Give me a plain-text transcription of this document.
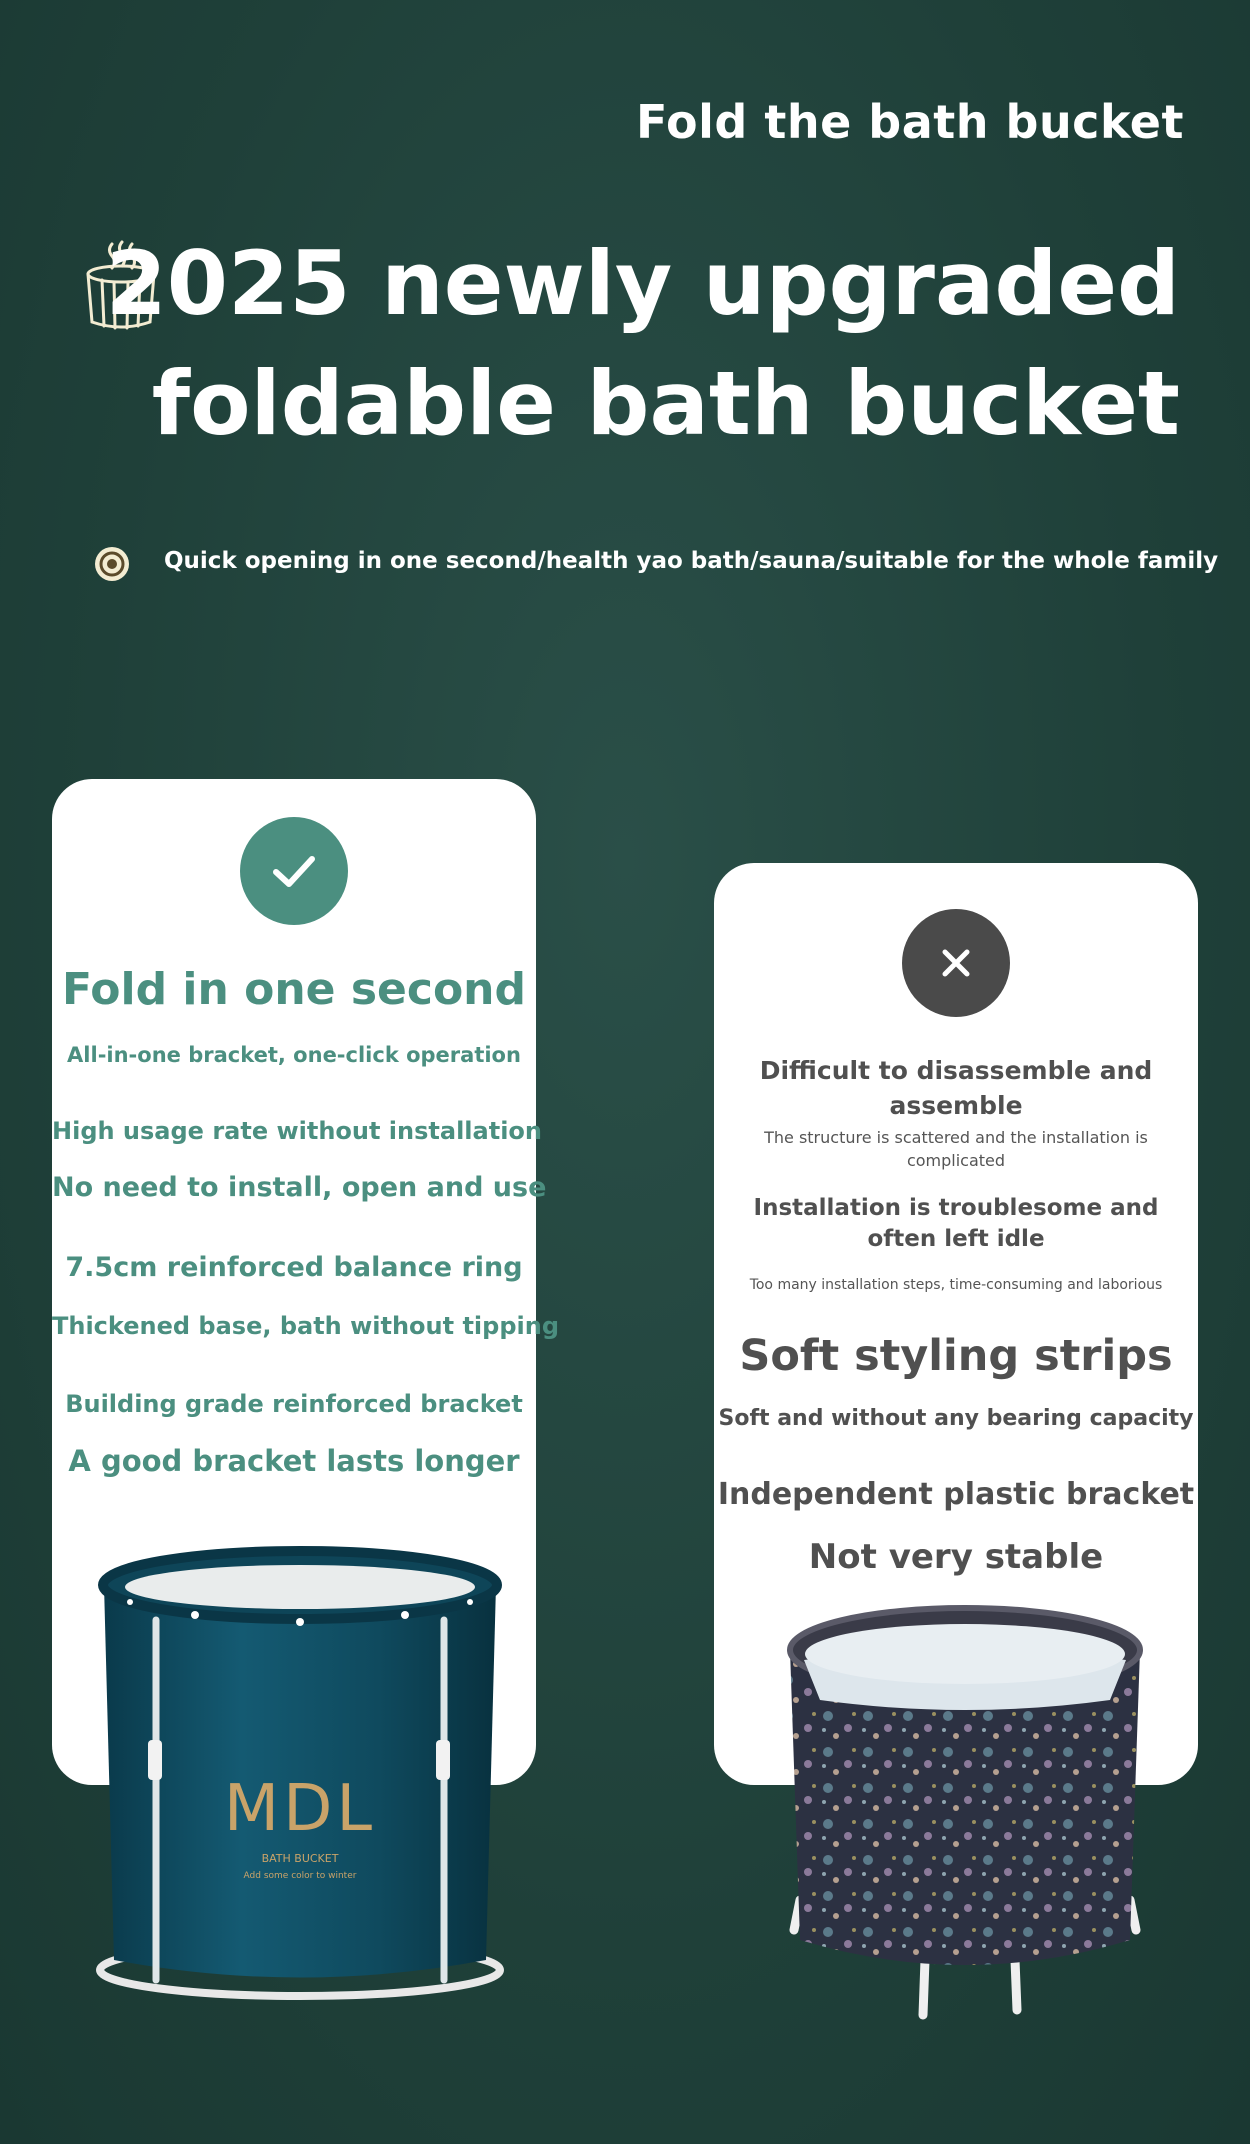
Fold the bath bucket
2025 newly upgraded
foldable bath bucket
Quick opening in one second/health yao bath/sauna/suitable for the whole family
Fold in one second
All-in-one bracket, one-click operation
High usage rate without installation
No need to install, open and use
7.5cm reinforced balance ring
Thickened base, bath without tipping
Building grade reinforced bracket
A good bracket lasts longer
Difficult to disassemble and assemble
The structure is scattered and the installation is complicated
Installation is troublesome and often left idle
Too many installation steps, time-consuming and laborious
Soft styling strips
Soft and without any bearing capacity
Independent plastic bracket
Not very stable
MDL
BATH BUCKET
Add some color to winter
